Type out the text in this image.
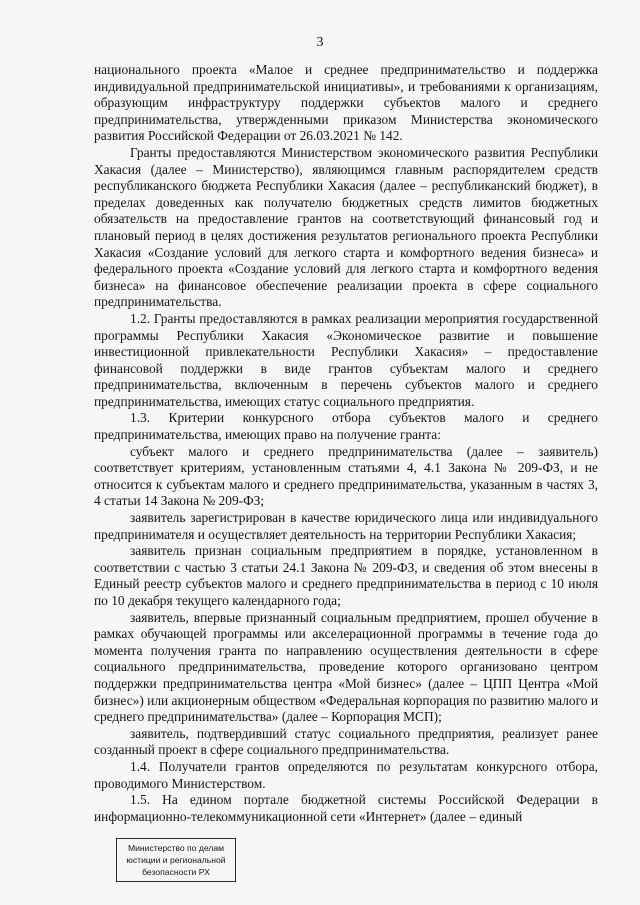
3

национального проекта «Малое и среднее предпринимательство и поддержка индивидуальной предпринимательской инициативы», и требованиями к организациям, образующим инфраструктуру поддержки субъектов малого и среднего предпринимательства, утвержденными приказом Министерства экономического развития Российской Федерации от 26.03.2021 № 142.

Гранты предоставляются Министерством экономического развития Республики Хакасия (далее – Министерство), являющимся главным распорядителем средств республиканского бюджета Республики Хакасия (далее – республиканский бюджет), в пределах доведенных как получателю бюджетных средств лимитов бюджетных обязательств на предоставление грантов на соответствующий финансовый год и плановый период в целях достижения результатов регионального проекта Республики Хакасия «Создание условий для легкого старта и комфортного ведения бизнеса» и федерального проекта «Создание условий для легкого старта и комфортного ведения бизнеса» на финансовое обеспечение реализации проекта в сфере социального предпринимательства.

1.2. Гранты предоставляются в рамках реализации мероприятия государственной программы Республики Хакасия «Экономическое развитие и повышение инвестиционной привлекательности Республики Хакасия» – предоставление финансовой поддержки в виде грантов субъектам малого и среднего предпринимательства, включенным в перечень субъектов малого и среднего предпринимательства, имеющих статус социального предприятия.

1.3. Критерии конкурсного отбора субъектов малого и среднего предпринимательства, имеющих право на получение гранта:

субъект малого и среднего предпринимательства (далее – заявитель) соответствует критериям, установленным статьями 4, 4.1 Закона № 209-ФЗ, и не относится к субъектам малого и среднего предпринимательства, указанным в частях 3, 4 статьи 14 Закона № 209-ФЗ;

заявитель зарегистрирован в качестве юридического лица или индивидуального предпринимателя и осуществляет деятельность на территории Республики Хакасия;

заявитель признан социальным предприятием в порядке, установленном в соответствии с частью 3 статьи 24.1 Закона № 209-ФЗ, и сведения об этом внесены в Единый реестр субъектов малого и среднего предпринимательства в период с 10 июля по 10 декабря текущего календарного года;

заявитель, впервые признанный социальным предприятием, прошел обучение в рамках обучающей программы или акселерационной программы в течение года до момента получения гранта по направлению осуществления деятельности в сфере социального предпринимательства, проведение которого организовано центром поддержки предпринимательства центра «Мой бизнес» (далее – ЦПП Центра «Мой бизнес») или акционерным обществом «Федеральная корпорация по развитию малого и среднего предпринимательства» (далее – Корпорация МСП);

заявитель, подтвердивший статус социального предприятия, реализует ранее созданный проект в сфере социального предпринимательства.

1.4. Получатели грантов определяются по результатам конкурсного отбора, проводимого Министерством.

1.5. На едином портале бюджетной системы Российской Федерации в информационно-телекоммуникационной сети «Интернет» (далее – единый

Министерство по делам
юстиции и региональной
безопасности РХ
